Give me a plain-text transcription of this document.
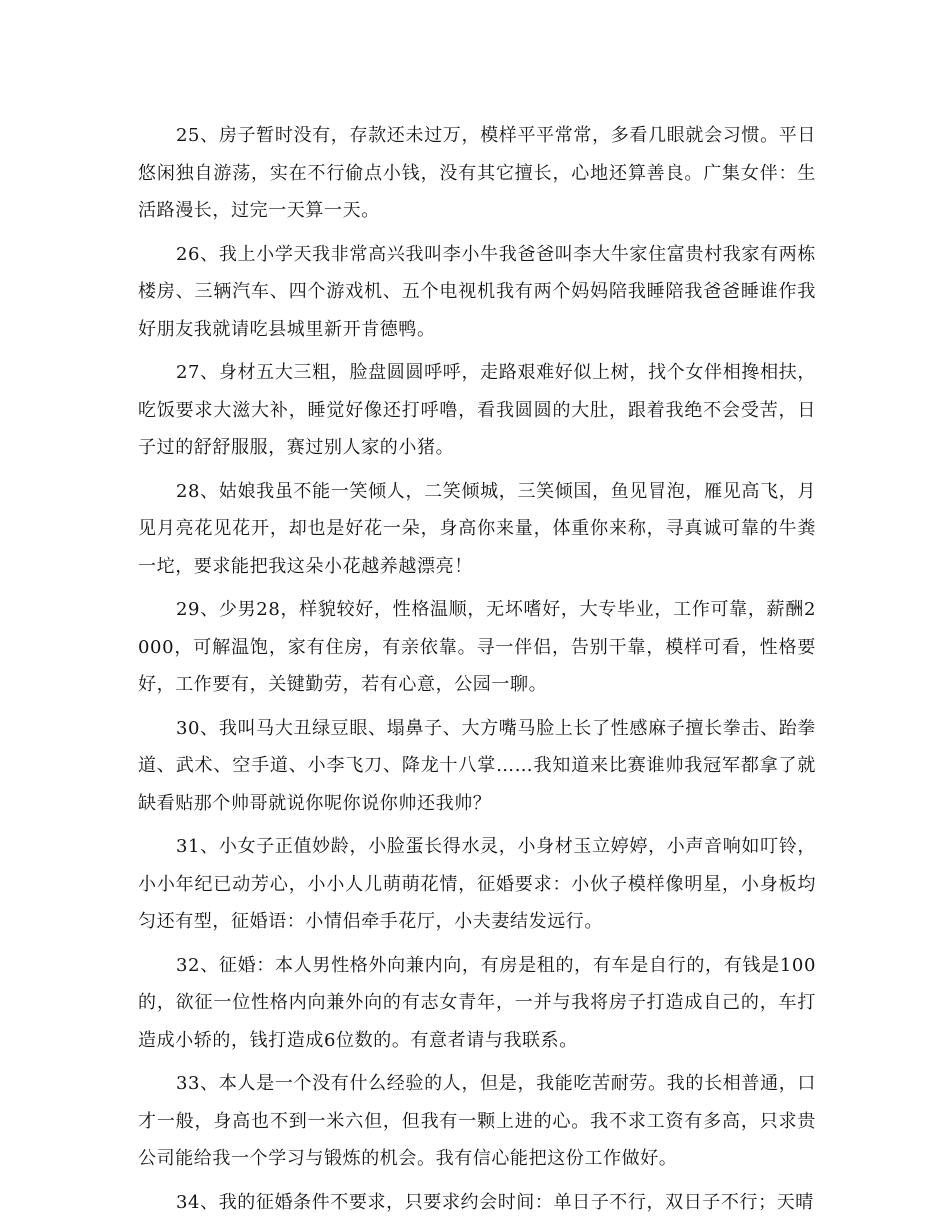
25、房子暂时没有，存款还未过万，模样平平常常，多看几眼就会习惯。平日悠闲独自游荡，实在不行偷点小钱，没有其它擅长，心地还算善良。广集女伴：生活路漫长，过完一天算一天。

26、我上小学天我非常高兴我叫李小牛我爸爸叫李大牛家住富贵村我家有两栋楼房、三辆汽车、四个游戏机、五个电视机我有两个妈妈陪我睡陪我爸爸睡谁作我好朋友我就请吃县城里新开肯德鸭。

27、身材五大三粗，脸盘圆圆呼呼，走路艰难好似上树，找个女伴相搀相扶，吃饭要求大滋大补，睡觉好像还打呼噜，看我圆圆的大肚，跟着我绝不会受苦，日子过的舒舒服服，赛过别人家的小猪。

28、姑娘我虽不能一笑倾人，二笑倾城，三笑倾国，鱼见冒泡，雁见高飞，月见月亮花见花开，却也是好花一朵，身高你来量，体重你来称，寻真诚可靠的牛粪一坨，要求能把我这朵小花越养越漂亮！

29、少男28，样貌较好，性格温顺，无坏嗜好，大专毕业，工作可靠，薪酬2000，可解温饱，家有住房，有亲依靠。寻一伴侣，告别干靠，模样可看，性格要好，工作要有，关键勤劳，若有心意，公园一聊。

30、我叫马大丑绿豆眼、塌鼻子、大方嘴马脸上长了性感麻子擅长拳击、跆拳道、武术、空手道、小李飞刀、降龙十八掌……我知道来比赛谁帅我冠军都拿了就缺看贴那个帅哥就说你呢你说你帅还我帅？

31、小女子正值妙龄，小脸蛋长得水灵，小身材玉立婷婷，小声音响如叮铃，小小年纪已动芳心，小小人儿萌萌花情，征婚要求：小伙子模样像明星，小身板均匀还有型，征婚语：小情侣牵手花厅，小夫妻结发远行。

32、征婚：本人男性格外向兼内向，有房是租的，有车是自行的，有钱是100的，欲征一位性格内向兼外向的有志女青年，一并与我将房子打造成自己的，车打造成小轿的，钱打造成6位数的。有意者请与我联系。

33、本人是一个没有什么经验的人，但是，我能吃苦耐劳。我的长相普通，口才一般，身高也不到一米六但，但我有一颗上进的心。我不求工资有多高，只求贵公司能给我一个学习与锻炼的机会。我有信心能把这份工作做好。

34、我的征婚条件不要求，只要求约会时间：单日子不行，双日子不行；天晴
